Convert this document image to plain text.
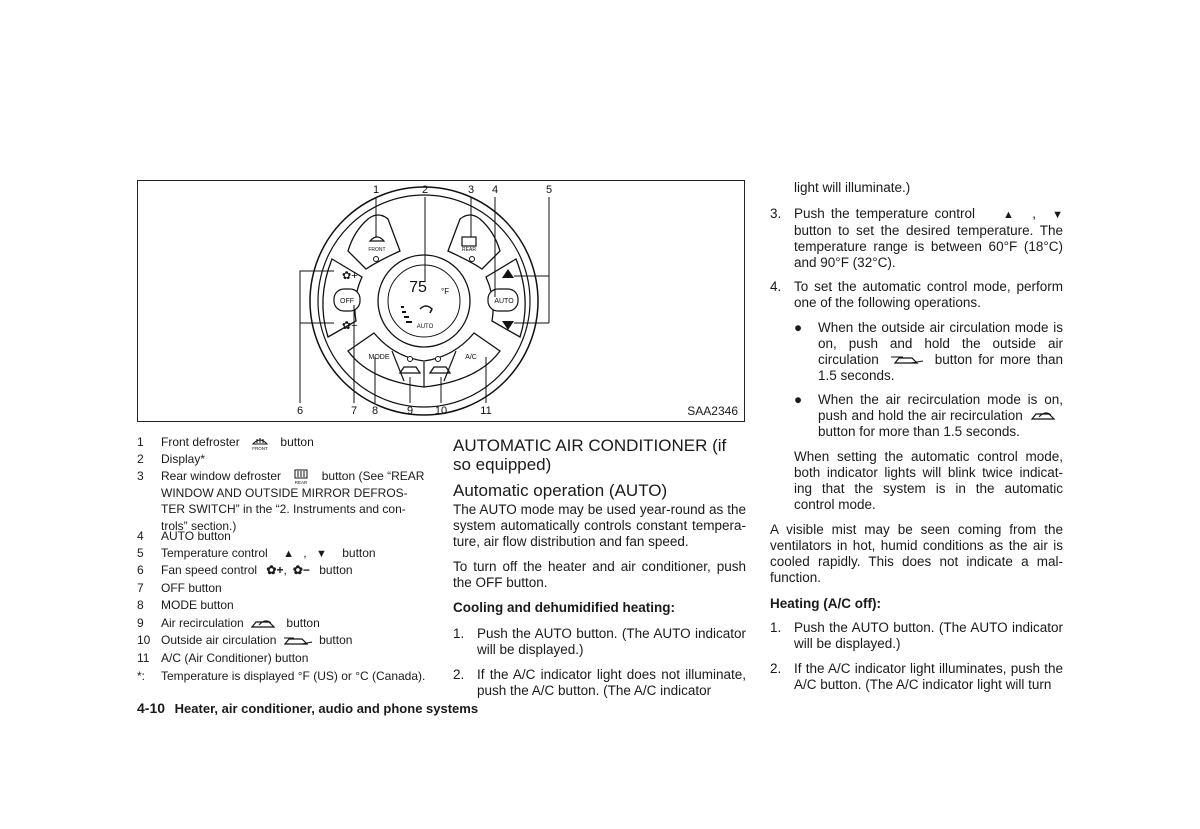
1	2	3 4	5
6	7 8	9 10	11
75 °F
AUTO
FRONT	REAR
OFF	AUTO
MODE	A/C
✿+
✿−
SAA2346
1 Front defroster	FRONT button
2 Display*
3 Rear window defroster	REAR button (See “REAR
WINDOW AND OUTSIDE MIRROR DEFROS-
TER SWITCH” in the “2. Instruments and con-
trols” section.)
4 AUTO button
5 Temperature control ▲ , ▼ button
6 Fan speed control ✿+, ✿− button
7 OFF button
8 MODE button
9 Air recirculation	button
10 Outside air circulation	button
11 A/C (Air Conditioner) button
*: Temperature is displayed °F (US) or °C (Canada).
AUTOMATIC AIR CONDITIONER (if so equipped)
Automatic operation (AUTO)
The AUTO mode may be used year-round as the system automatically controls constant tempera-ture, air flow distribution and fan speed.
To turn off the heater and air conditioner, push the OFF button.
Cooling and dehumidified heating:
1. Push the AUTO button. (The AUTO indicator will be displayed.)
2. If the A/C indicator light does not illuminate, push the A/C button. (The A/C indicator
light will illuminate.)
3. Push the temperature control	▲ , ▼ button to set the desired temperature. The temperature range is between 60°F (18°C) and 90°F (32°C).
4. To set the automatic control mode, perform one of the following operations.
● When the outside air circulation mode is on, push and hold the outside air circulation	button for more than 1.5 seconds.
● When the air recirculation mode is on, push and hold the air recirculation  button for more than 1.5 seconds.
When setting the automatic control mode, both indicator lights will blink twice indicat-ing that the system is in the automatic control mode.
A visible mist may be seen coming from the ventilators in hot, humid conditions as the air is cooled rapidly. This does not indicate a mal-function.
Heating (A/C off):
1. Push the AUTO button. (The AUTO indicator will be displayed.)
2. If the A/C indicator light illuminates, push the A/C button. (The A/C indicator light will turn
4-10 Heater, air conditioner, audio and phone systems
